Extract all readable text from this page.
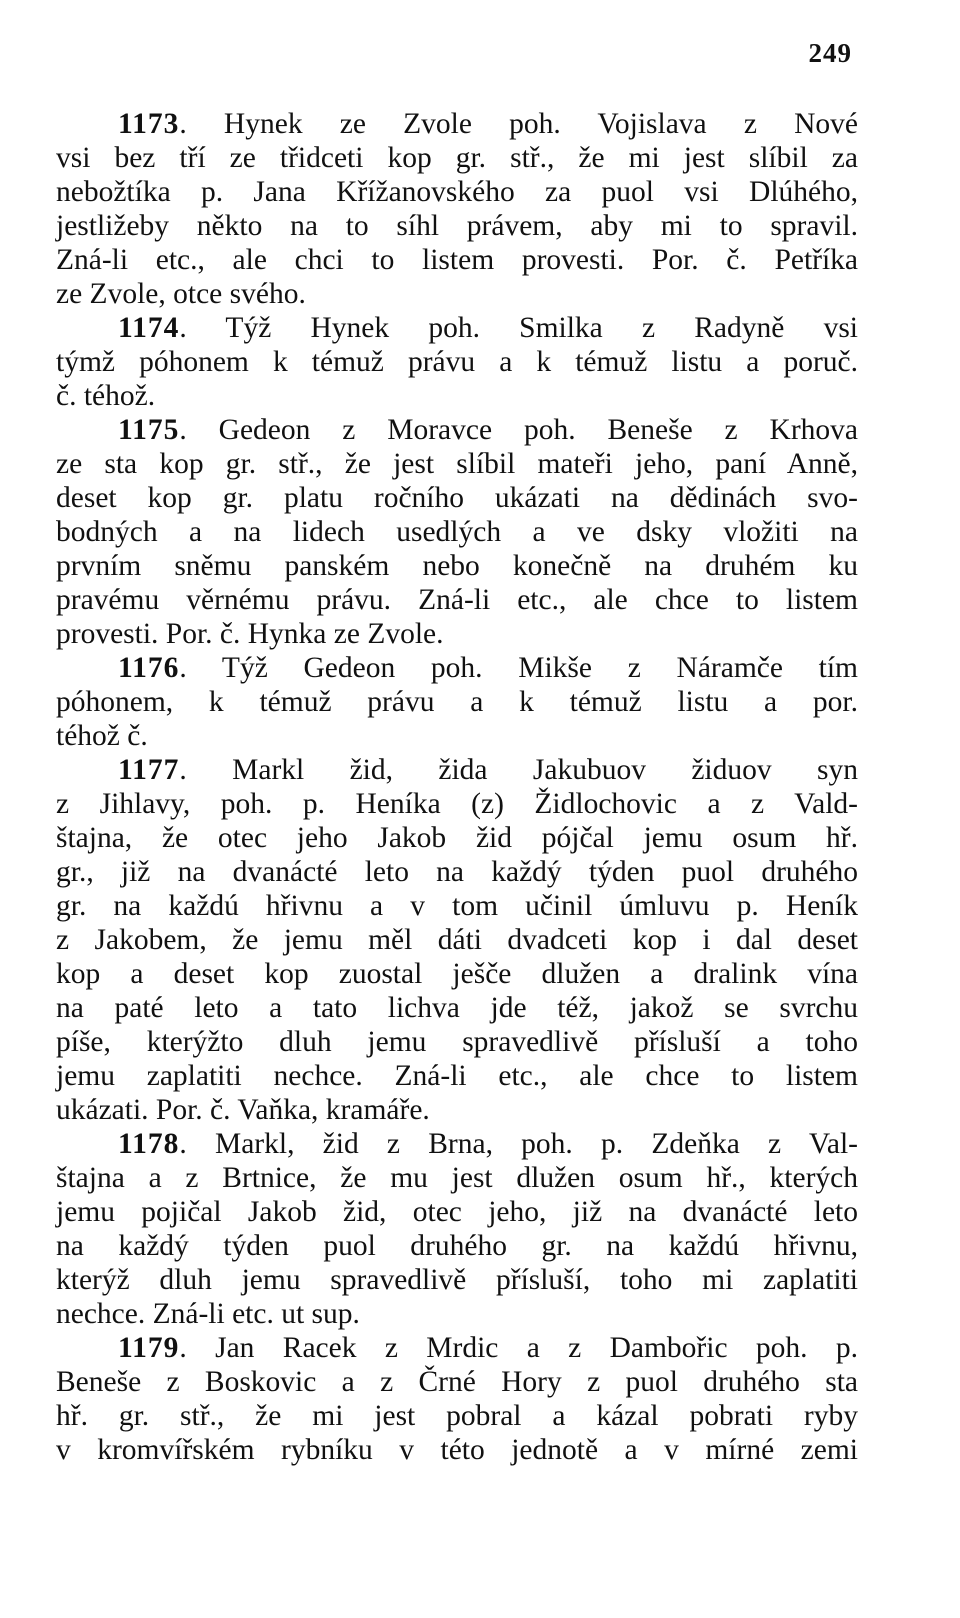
249
1173. Hynek ze Zvole poh. Vojislava z Nové
vsi bez tří ze třidceti kop gr. stř., že mi jest slíbil za
nebožtíka p. Jana Křížanovského za puol vsi Dlúhého,
jestližeby někto na to síhl právem, aby mi to spravil.
Zná-li etc., ale chci to listem provesti. Por. č. Petříka
ze Zvole, otce svého.
1174. Týž Hynek poh. Smilka z Radyně vsi
týmž póhonem k témuž právu a k témuž listu a poruč.
č. téhož.
1175. Gedeon z Moravce poh. Beneše z Krhova
ze sta kop gr. stř., že jest slíbil mateři jeho, paní Anně,
deset kop gr. platu ročního ukázati na dědinách svo-
bodných a na lidech usedlých a ve dsky vložiti na
prvním sněmu panském nebo konečně na druhém ku
pravému věrnému právu. Zná-li etc., ale chce to listem
provesti. Por. č. Hynka ze Zvole.
1176. Týž Gedeon poh. Mikše z Náramče tím
póhonem, k témuž právu a k témuž listu a por.
téhož č.
1177. Markl žid, žida Jakubuov židuov syn
z Jihlavy, poh. p. Heníka (z) Židlochovic a z Vald-
štajna, že otec jeho Jakob žid pójčal jemu osum hř.
gr., již na dvanácté leto na každý týden puol druhého
gr. na každú hřivnu a v tom učinil úmluvu p. Heník
z Jakobem, že jemu měl dáti dvadceti kop i dal deset
kop a deset kop zuostal ješče dlužen a dralink vína
na paté leto a tato lichva jde též, jakož se svrchu
píše, kterýžto dluh jemu spravedlivě přísluší a toho
jemu zaplatiti nechce. Zná-li etc., ale chce to listem
ukázati. Por. č. Vaňka, kramáře.
1178. Markl, žid z Brna, poh. p. Zdeňka z Val-
štajna a z Brtnice, že mu jest dlužen osum hř., kterých
jemu pojičal Jakob žid, otec jeho, již na dvanácté leto
na každý týden puol druhého gr. na každú hřivnu,
kterýž dluh jemu spravedlivě přísluší, toho mi zaplatiti
nechce. Zná-li etc. ut sup.
1179. Jan Racek z Mrdic a z Dambořic poh. p.
Beneše z Boskovic a z Črné Hory z puol druhého sta
hř. gr. stř., že mi jest pobral a kázal pobrati ryby
v kromvířském rybníku v této jednotě a v mírné zemi
